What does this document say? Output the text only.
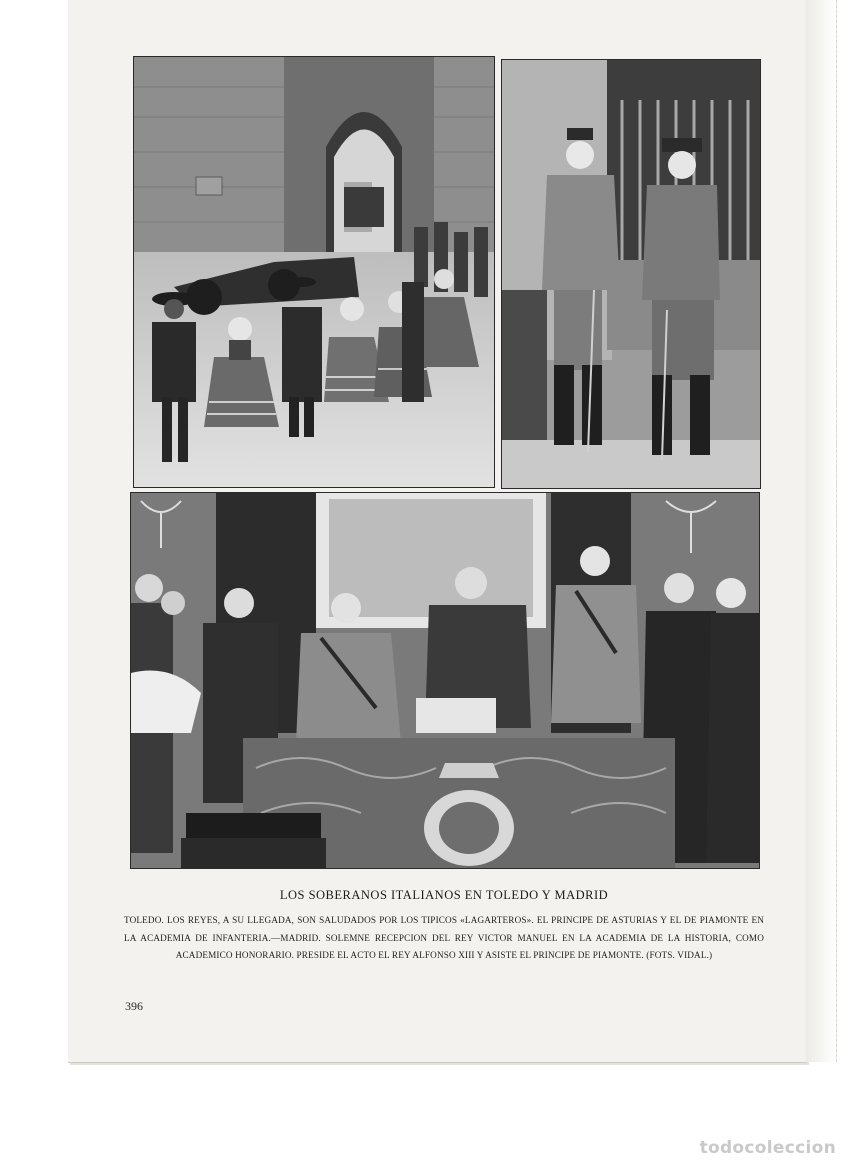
LOS SOBERANOS ITALIANOS EN TOLEDO Y MADRID
TOLEDO. LOS REYES, A SU LLEGADA, SON SALUDADOS POR LOS TIPICOS «LAGARTEROS». EL PRINCIPE DE ASTURIAS Y EL DE PIAMONTE EN LA ACADEMIA DE INFANTERIA.—MADRID. SOLEMNE RECEPCION DEL REY VICTOR MANUEL EN LA ACADEMIA DE LA HISTORIA, COMO ACADEMICO HONORARIO. PRESIDE EL ACTO EL REY ALFONSO XIII Y ASISTE EL PRINCIPE DE PIAMONTE. (FOTS. VIDAL.)
396
todocoleccion
